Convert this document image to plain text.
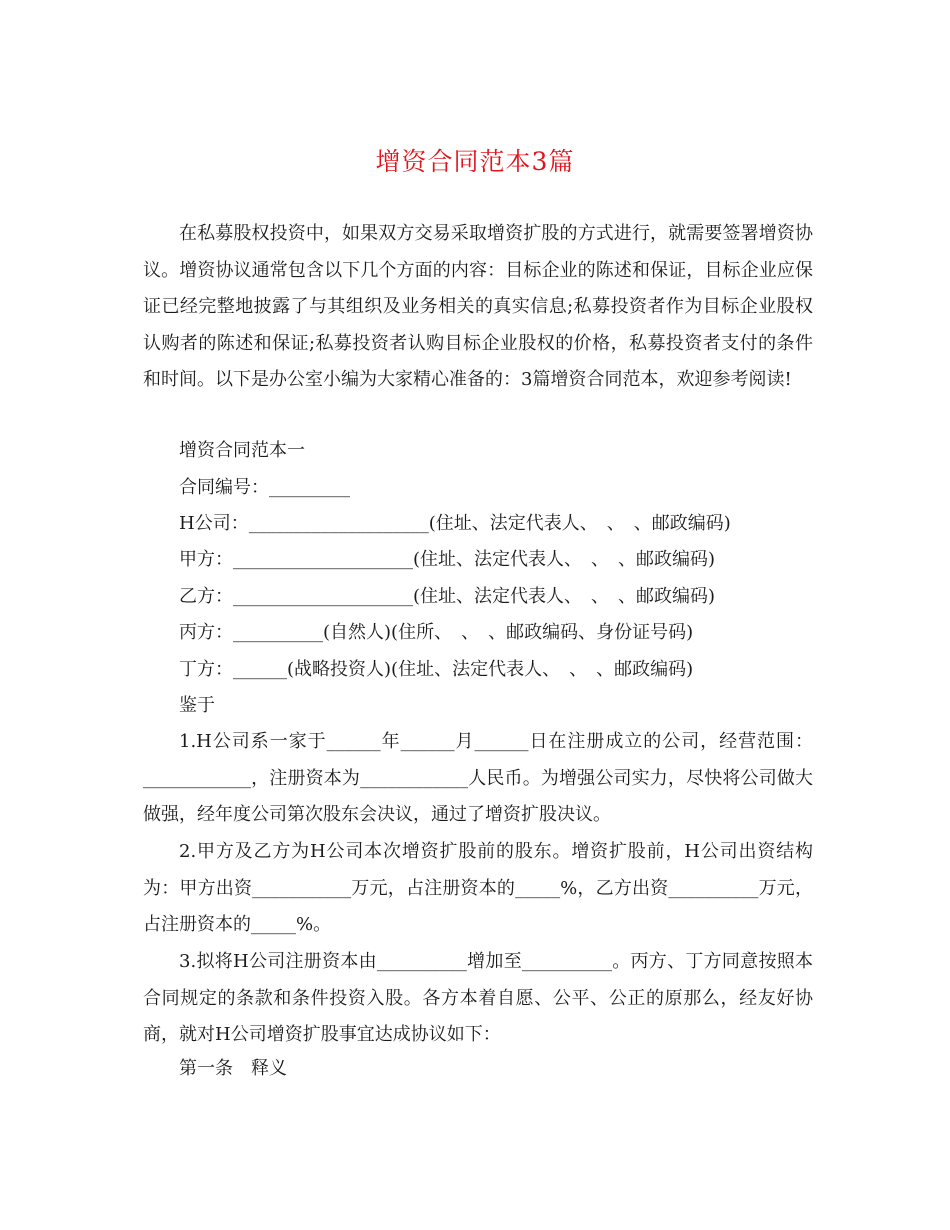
增资合同范本3篇

在私募股权投资中，如果双方交易采取增资扩股的方式进行，就需要签署增资协议。增资协议通常包含以下几个方面的内容：目标企业的陈述和保证，目标企业应保证已经完整地披露了与其组织及业务相关的真实信息;私募投资者作为目标企业股权认购者的陈述和保证;私募投资者认购目标企业股权的价格，私募投资者支付的条件和时间。以下是办公室小编为大家精心准备的：3篇增资合同范本，欢迎参考阅读!

增资合同范本一
合同编号：_________
H公司：____________________(住址、法定代表人、　、　、邮政编码)
甲方：____________________(住址、法定代表人、　、　、邮政编码)
乙方：____________________(住址、法定代表人、　、　、邮政编码)
丙方：__________(自然人)(住所、　、　、邮政编码、身份证号码)
丁方：______(战略投资人)(住址、法定代表人、　、　、邮政编码)
鉴于

1.H公司系一家于______年______月______日在注册成立的公司，经营范围：____________，注册资本为____________人民币。为增强公司实力，尽快将公司做大做强，经年度公司第次股东会决议，通过了增资扩股决议。

2.甲方及乙方为H公司本次增资扩股前的股东。增资扩股前，H公司出资结构为：甲方出资___________万元，占注册资本的_____%，乙方出资__________万元，占注册资本的_____%。

3.拟将H公司注册资本由__________增加至__________。丙方、丁方同意按照本合同规定的条款和条件投资入股。各方本着自愿、公平、公正的原那么，经友好协商，就对H公司增资扩股事宜达成协议如下：

第一条　释义
